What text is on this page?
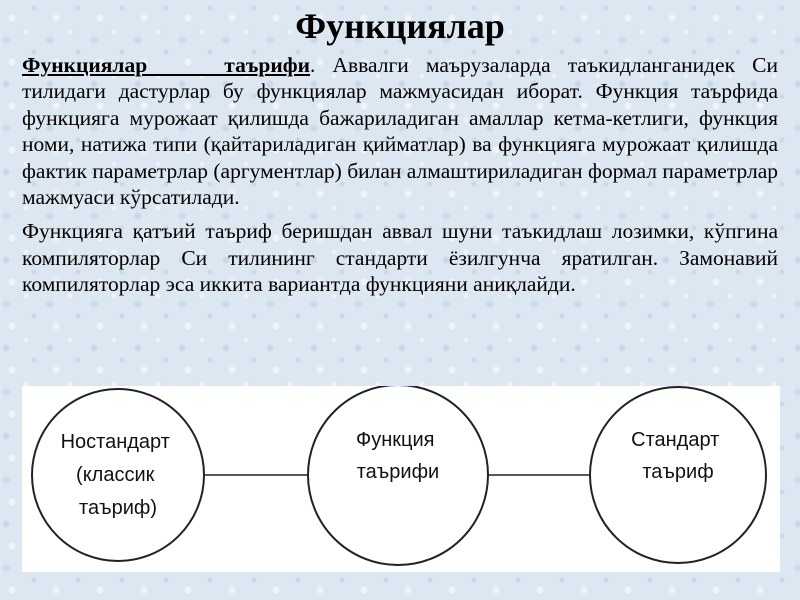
Функциялар

Функциялар таърифи. Аввалги маърузаларда таъкидланганидек Си тилидаги дастурлар бу функциялар мажмуасидан иборат. Функция таърфида функцияга мурожаат қилишда бажариладиган амаллар кетма-кетлиги, функция номи, натижа типи (қайтариладиган қийматлар) ва функцияга мурожаат қилишда фактик параметрлар (аргументлар) билан алмаштириладиган формал параметрлар мажмуаси кўрсатилади.

Функцияга қатъий таъриф беришдан аввал шуни таъкидлаш лозимки, кўпгина компиляторлар Си тилининг стандарти ёзилгунча яратилган. Замонавий компиляторлар эса иккита вариантда функцияни аниқлайди.

Ностандарт (классик таъриф)
Функция таърифи
Стандарт таъриф
